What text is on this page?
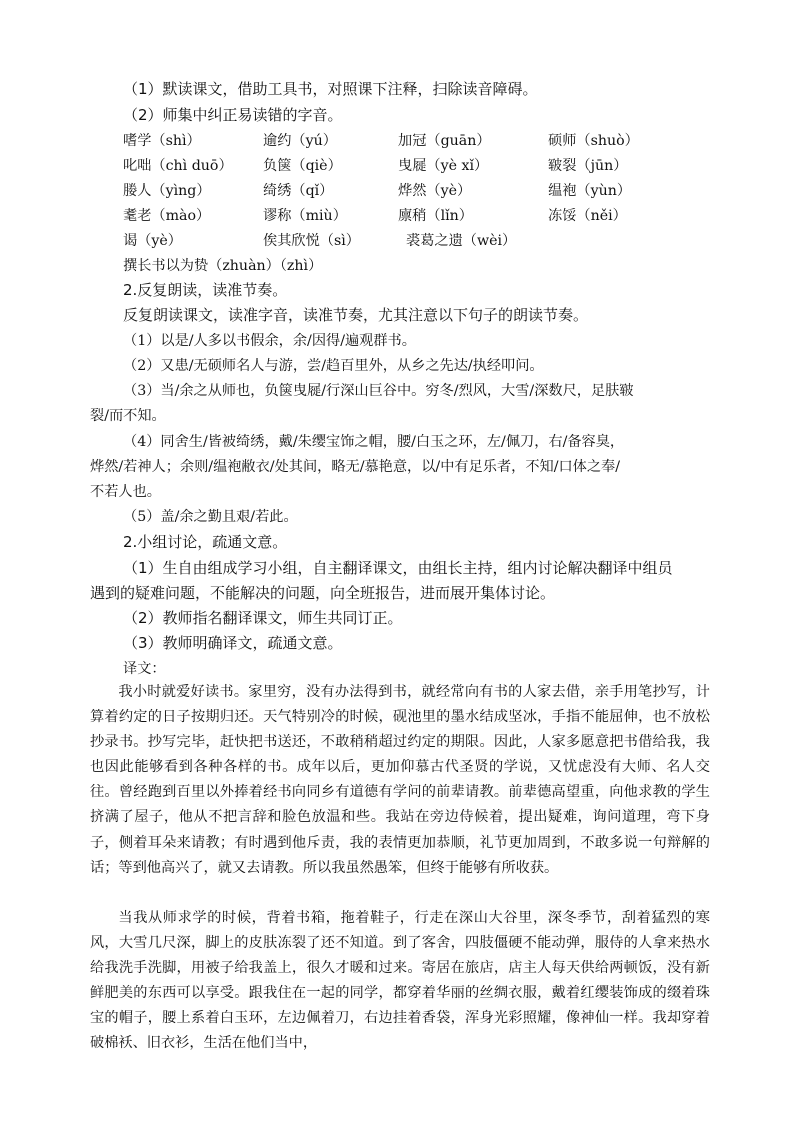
（1）默读课文，借助工具书，对照课下注释，扫除读音障碍。
（2）师集中纠正易读错的字音。
嗜学（shì）	逾约（yú）	加冠（guān）	硕师（shuò）
叱咄（chì duō） 负箧（qiè）	曳屣（yè xǐ）	皲裂（jūn）
媵人（yìng）	绮绣（qǐ）	烨然（yè）	缊袍（yùn）
耄老（mào）	谬称（miù）	廪稍（lǐn）	冻馁（něi）
谒（yè）	俟其欣悦（sì）	裘葛之遗（wèi）
撰长书以为贽（zhuàn）（zhì）
2.反复朗读，读准节奏。
反复朗读课文，读准字音，读准节奏，尤其注意以下句子的朗读节奏。
（1）以是/人多以书假余，余/因得/遍观群书。
（2）又患/无硕师名人与游，尝/趋百里外，从乡之先达/执经叩问。
（3）当/余之从师也，负箧曳屣/行深山巨谷中。穷冬/烈风，大雪/深数尺，足肤皲
裂/而不知。
（4）同舍生/皆被绮绣，戴/朱缨宝饰之帽，腰/白玉之环，左/佩刀，右/备容臭，
烨然/若神人；余则/缊袍敝衣/处其间，略无/慕艳意，以/中有足乐者，不知/口体之奉/
不若人也。
（5）盖/余之勤且艰/若此。
2.小组讨论，疏通文意。
（1）生自由组成学习小组，自主翻译课文，由组长主持，组内讨论解决翻译中组员
遇到的疑难问题，不能解决的问题，向全班报告，进而展开集体讨论。
（2）教师指名翻译课文，师生共同订正。
（3）教师明确译文，疏通文意。
译文：

我小时就爱好读书。家里穷，没有办法得到书，就经常向有书的人家去借，亲手用笔抄写，计算着约定的日子按期归还。天气特别冷的时候，砚池里的墨水结成坚冰，手指不能屈伸，也不放松抄录书。抄写完毕，赶快把书送还，不敢稍稍超过约定的期限。因此，人家多愿意把书借给我，我也因此能够看到各种各样的书。成年以后，更加仰慕古代圣贤的学说，又忧虑没有大师、名人交往。曾经跑到百里以外捧着经书向同乡有道德有学问的前辈请教。前辈德高望重，向他求教的学生挤满了屋子，他从不把言辞和脸色放温和些。我站在旁边侍候着，提出疑难，询问道理，弯下身子，侧着耳朵来请教；有时遇到他斥责，我的表情更加恭顺，礼节更加周到，不敢多说一句辩解的话；等到他高兴了，就又去请教。所以我虽然愚笨，但终于能够有所收获。

当我从师求学的时候，背着书箱，拖着鞋子，行走在深山大谷里，深冬季节，刮着猛烈的寒风，大雪几尺深，脚上的皮肤冻裂了还不知道。到了客舍，四肢僵硬不能动弹，服侍的人拿来热水给我洗手洗脚，用被子给我盖上，很久才暖和过来。寄居在旅店，店主人每天供给两顿饭，没有新鲜肥美的东西可以享受。跟我住在一起的同学，都穿着华丽的丝绸衣服，戴着红缨装饰成的缀着珠宝的帽子，腰上系着白玉环，左边佩着刀，右边挂着香袋，浑身光彩照耀，像神仙一样。我却穿着破棉袄、旧衣衫，生活在他们当中，
